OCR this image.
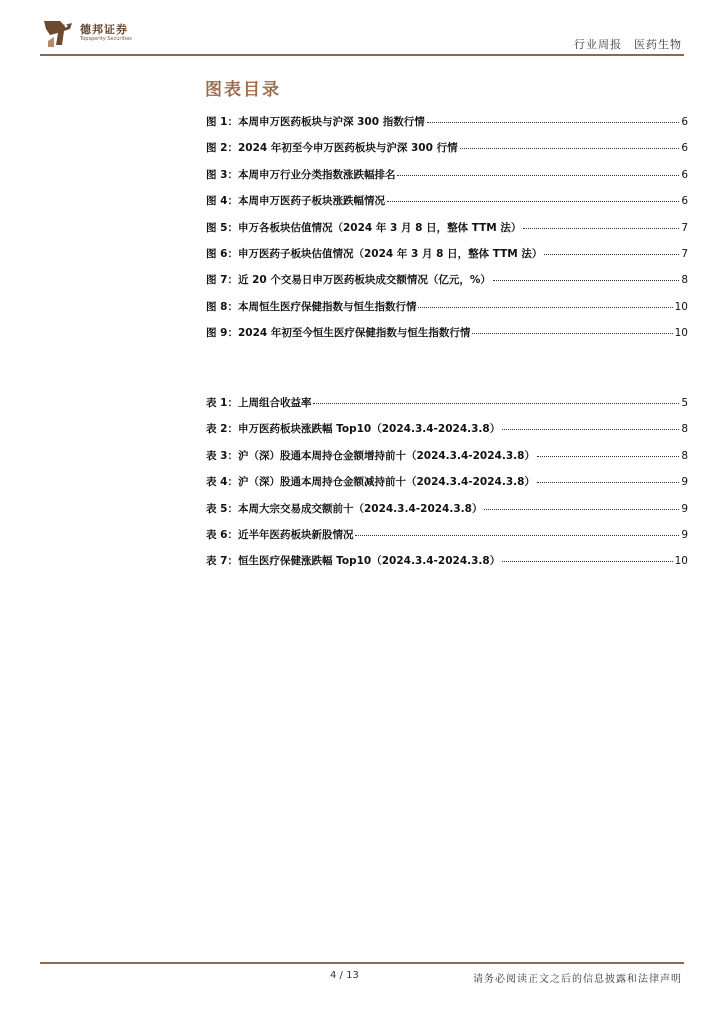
德邦证券
Topsperity Securities	行业周报 医药生物
图表目录
图 1：本周申万医药板块与沪深 300 指数行情	6
图 2：2024 年初至今申万医药板块与沪深 300 行情	6
图 3：本周申万行业分类指数涨跌幅排名	6
图 4：本周申万医药子板块涨跌幅情况	6
图 5：申万各板块估值情况（2024 年 3 月 8 日，整体 TTM 法）	7
图 6：申万医药子板块估值情况（2024 年 3 月 8 日，整体 TTM 法）	7
图 7：近 20 个交易日申万医药板块成交额情况（亿元，%）	8
图 8：本周恒生医疗保健指数与恒生指数行情	10
图 9：2024 年初至今恒生医疗保健指数与恒生指数行情	10
表 1：上周组合收益率	5
表 2：申万医药板块涨跌幅 Top10（2024.3.4-2024.3.8）	8
表 3：沪（深）股通本周持仓金额增持前十（2024.3.4-2024.3.8）	8
表 4：沪（深）股通本周持仓金额减持前十（2024.3.4-2024.3.8）	9
表 5：本周大宗交易成交额前十（2024.3.4-2024.3.8）	9
表 6：近半年医药板块新股情况	9
表 7：恒生医疗保健涨跌幅 Top10（2024.3.4-2024.3.8）	10
4 / 13	请务必阅读正文之后的信息披露和法律声明
